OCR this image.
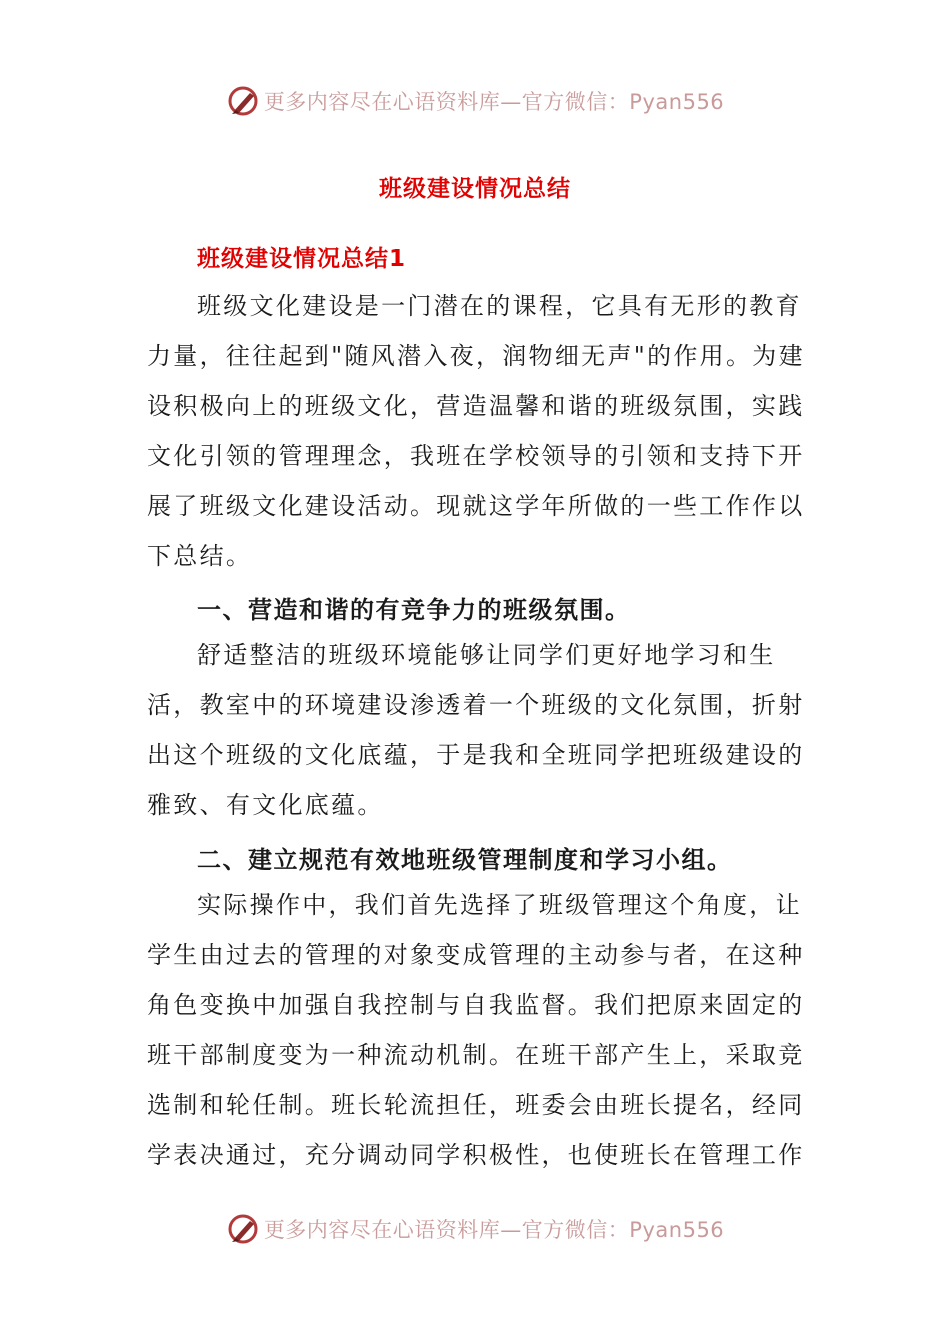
更多内容尽在心语资料库—官方微信：Pyan556
班级建设情况总结
班级建设情况总结1

班级文化建设是一门潜在的课程，它具有无形的教育力量，往往起到"随风潜入夜，润物细无声"的作用。为建设积极向上的班级文化，营造温馨和谐的班级氛围，实践文化引领的管理理念，我班在学校领导的引领和支持下开展了班级文化建设活动。现就这学年所做的一些工作作以下总结。

一、营造和谐的有竞争力的班级氛围。

舒适整洁的班级环境能够让同学们更好地学习和生活，教室中的环境建设渗透着一个班级的文化氛围，折射出这个班级的文化底蕴，于是我和全班同学把班级建设的雅致、有文化底蕴。

二、建立规范有效地班级管理制度和学习小组。

实际操作中，我们首先选择了班级管理这个角度，让学生由过去的管理的对象变成管理的主动参与者，在这种角色变换中加强自我控制与自我监督。我们把原来固定的班干部制度变为一种流动机制。在班干部产生上，采取竞选制和轮任制。班长轮流担任，班委会由班长提名，经同学表决通过，充分调动同学积极性，也使班长在管理工作

更多内容尽在心语资料库—官方微信：Pyan556
